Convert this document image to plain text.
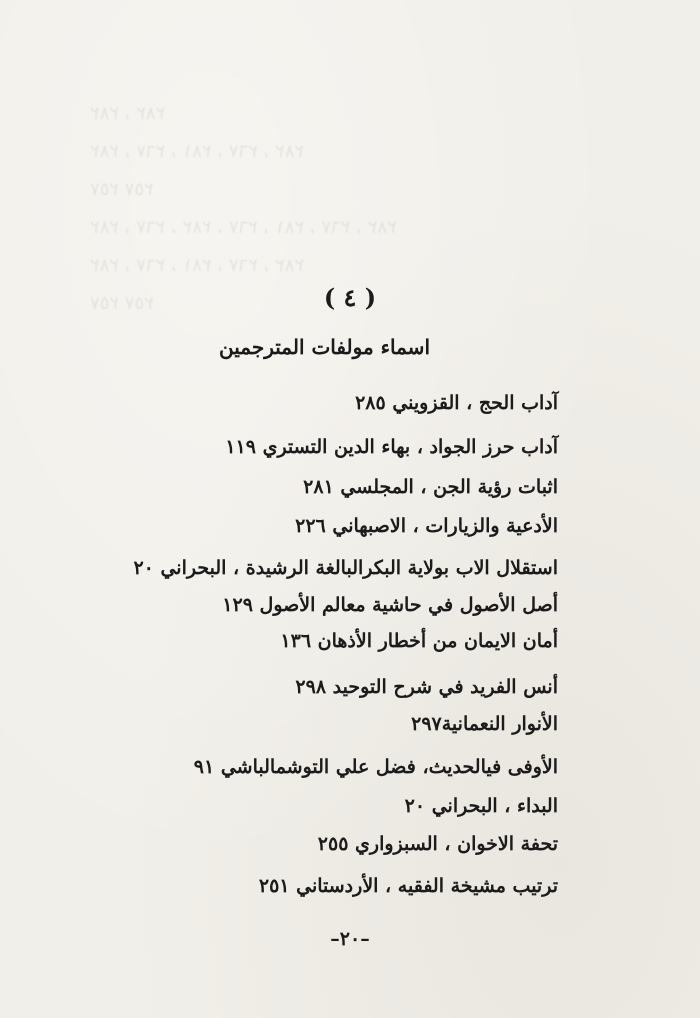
٢٨٢ ، ٢٨٢
٢٨٢ ، ٢٦٧ ، ٢٨١ ، ٢٦٧ ، ٢٨٢
٢٥٧ ٢٥٧
٢٨٢ ، ٢٦٧ ، ٢٨٢ ، ٢٦٧ ، ٢٨١ ، ٢٦٧ ، ٢٨٢
٢٨٢ ، ٢٦٧ ، ٢٨١ ، ٢٦٧ ، ٢٨٢
٢٥٧ ٢٥٧	( ٤ )
اسماء مولفات المترجمين
آداب الحج ، القزويني ٢٨٥
آداب حرز الجواد ، بهاء الدين التستري ١١٩
اثبات رؤية الجن ، المجلسي ٢٨١
الأدعية والزيارات ، الاصبهاني ٢٢٦
استقلال الاب بولاية البكرالبالغة الرشيدة ، البحراني ٢٠
أصل الأصول في حاشية معالم الأصول ١٢٩
أمان الايمان من أخطار الأذهان ١٣٦
أنس الفريد في شرح التوحيد ٢٩٨
الأنوار النعمانية٢٩٧
الأوفى فيالحديث، فضل علي التوشمالباشي ٩١
البداء ، البحراني ٢٠
تحفة الاخوان ، السبزواري ٢٥٥
ترتيب مشيخة الفقيه ، الأردستاني ٢٥١
–٢٠–
